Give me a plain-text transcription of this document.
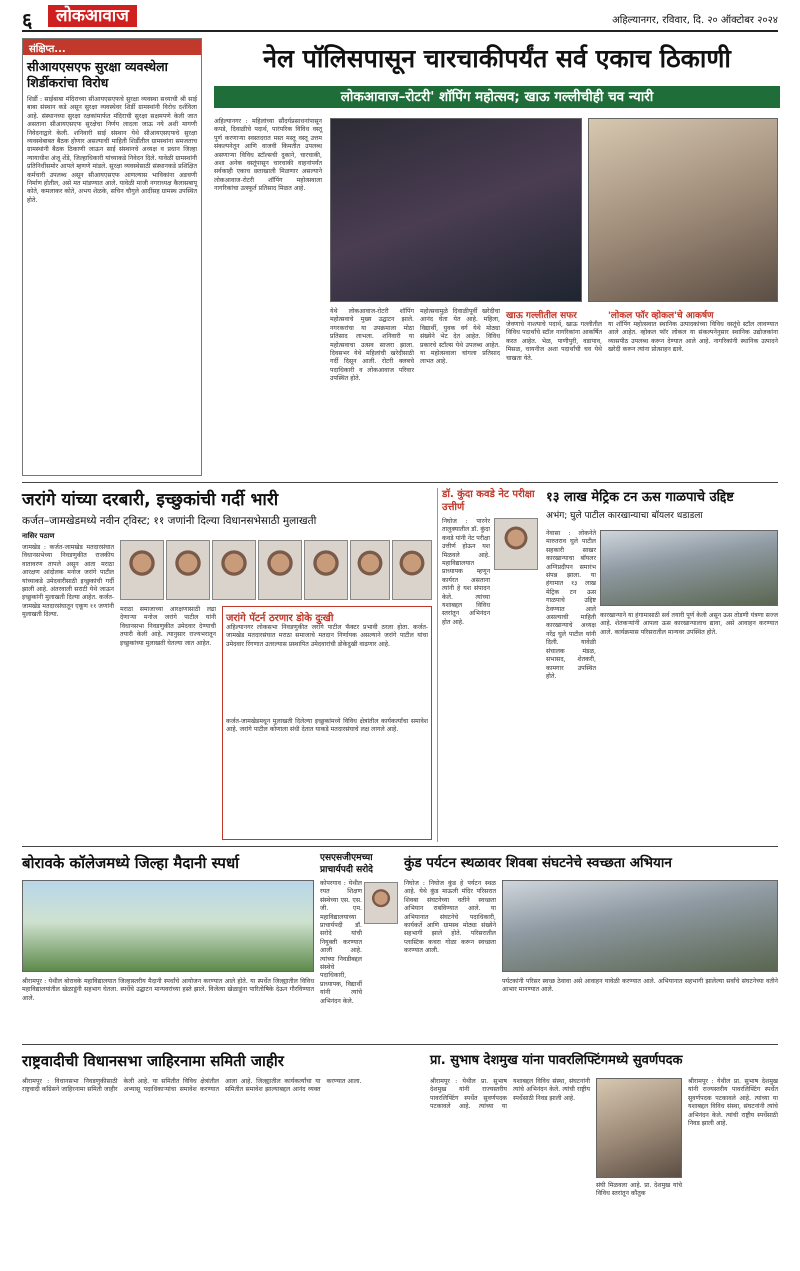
६	लोकआवाज	अहिल्यानगर, रविवार, दि. २० ऑक्टोबर २०२४
संक्षिप्त...
सीआयएसएफ सुरक्षा व्यवस्थेला शिर्डीकरांचा विरोध
शिर्डी : साईबाबा मंदिराच्या सीआयएसएफचे सुरक्षा व्यवस्था सध्याची श्री साई बाबा संस्थान कडे असून सुरक्षा व्यवस्थेवर शिर्डी ग्रामस्थांनी विरोध दर्शविला आहे. संस्थानच्या सुरक्षा रक्षकांमार्फत मंदिराची सुरक्षा सक्षमपणे केली जात असताना सीआयएसएफ सुरक्षेचा निर्णय लादला जाऊ नये अशी मागणी निवेदनाद्वारे केली. शनिवारी साई संस्थान येथे सीआयएसएफचे सुरक्षा व्यवस्थेबाबत बैठक होणार असल्याची माहिती शिर्डीतील ग्रामस्थांना समजताच ग्रामस्थांनी बैठक ठिकाणी जाऊन साई संस्थानचे अध्यक्ष व प्रधान जिल्हा न्यायाधीश अंजू शेंडे, जिल्हाधिकारी यांच्याकडे निवेदन दिले. यावेळी ग्रामस्थांनी प्रतिनिधींसमोर आपले म्हणणे मांडले. सुरक्षा व्यवस्थेसाठी संस्थानकडे प्रशिक्षित कर्मचारी उपलब्ध असून सीआयएसएफ आणल्यास भाविकांना अडचणी निर्माण होतील, असे मत मांडण्यात आले. यावेळी माजी नगराध्यक्ष कैलासबापू कोते, कमलाकर कोते, अभय शेळके, सचिन चौगुले आदींसह ग्रामस्थ उपस्थित होते.
नेल पॉलिसपासून चारचाकीपर्यंत सर्व एकाच ठिकाणी
लोकआवाज–रोटरी' शॉपिंग महोत्सव; खाऊ गल्लीचीही चव न्यारी
अहिल्यानगर : महिलांच्या सौंदर्यप्रसाधनांपासून कपडे, दिवाळीचे पदार्थ, पारंपरिक विविध वस्तू पूर्ण करणाऱ्या स्वस्तदरात मस्त मस्तू वस्तू उत्तम संकल्पनेतून आणि वाजवी किमतीत उपलब्ध असणाऱ्या विविध स्टॉल्सची दुकाने, चारचाकी, अशा अनेक वस्तूंपासून चारचाकी वाहनांपर्यंत सर्वकाही एकाच छताखाली मिळणार असल्याने लोकआवाज-रोटरी शॉपिंग महोत्सवाला नागरिकांचा उत्स्फूर्त प्रतिसाद मिळत आहे.
येथे लोकआवाज-रोटरी शॉपिंग महोत्सवाचे मुख्य उद्घाटन झाले. नगरकरांचा या उपक्रमाला मोठा प्रतिसाद लाभला. शनिवारी या महोत्सवाचा उत्सव साजरा झाला. दिवसभर येथे महिलांची खरेदीसाठी गर्दी दिसून आली. रोटरी क्लबचे पदाधिकारी व लोकआवाज परिवार उपस्थित होते.
महोत्सवामुळे दिवाळीपूर्वी खरेदीचा आनंद घेता येत आहे. महिला, विद्यार्थी, युवक वर्ग येथे मोठ्या संख्येने भेट देत आहेत. विविध प्रकारचे स्टॉल्स येथे उपलब्ध आहेत. या महोत्सवाला चांगला प्रतिसाद लाभत आहे.
खाऊ गल्लीतील सफर
जेवणाचे नाश्त्याचे पदार्थ, खाऊ गल्लीतील विविध पदार्थांचे स्टॉल नागरिकांना आकर्षित करत आहेत. भेळ, पाणीपुरी, वडापाव, मिसळ, चायनीज अशा पदार्थांची चव येथे चाखता येते.
'लोकल फॉर व्होकल'चे आकर्षण
या शॉपिंग महोत्सवात स्थानिक उत्पादकांच्या विविध वस्तूंचे स्टॉल लावण्यात आले आहेत. व्होकल फॉर लोकल या संकल्पनेनुसार स्थानिक उद्योजकांना व्यासपीठ उपलब्ध करून देण्यात आले आहे. नागरिकांनी स्थानिक उत्पादने खरेदी करून त्यांना प्रोत्साहन द्यावे.
जरांगे यांच्या दरबारी, इच्छुकांची गर्दी भारी
कर्जत–जामखेडमध्ये नवीन ट्विस्ट; ११ जणांनी दिल्या विधानसभेसाठी मुलाखती
नासिर पठाण
जामखेड : कर्जत-जामखेड मतदारसंघात विधानसभेच्या निवडणुकीत राजकीय वातावरण तापले असून आता मराठा आरक्षण आंदोलक मनोज जरांगे पाटील यांच्याकडे उमेदवारीसाठी इच्छुकांची गर्दी झाली आहे. अंतरवाली सराटी येथे जाऊन इच्छुकांनी मुलाखती दिल्या आहेत. कर्जत-जामखेड मतदारसंघातून एकूण ११ जणांनी मुलाखती दिल्या.
मराठा समाजाच्या आरक्षणासाठी लढा देणाऱ्या मनोज जरांगे पाटील यांनी विधानसभा निवडणुकीत उमेदवार देण्याची तयारी केली आहे. त्यानुसार राज्यभरातून इच्छुकांच्या मुलाखती घेतल्या जात आहेत.
जरांगे पॅटर्न ठरणार डोके दुःखी
अहिल्यानगर लोकसभा निवडणुकीत जरांगे पाटील फॅक्टर प्रभावी ठरला होता. कर्जत-जामखेड मतदारसंघात मराठा समाजाचे मतदान निर्णायक असल्याने जरांगे पाटील यांचा उमेदवार रिंगणात उतरल्यास प्रस्थापित उमेदवारांची डोकेदुखी वाढणार आहे.
कर्जत-जामखेडमधून मुलाखती दिलेल्या इच्छुकांमध्ये विविध क्षेत्रांतील कार्यकर्त्यांचा समावेश आहे. जरांगे पाटील कोणाला संधी देतात याकडे मतदारसंघाचे लक्ष लागले आहे.
डॉ. कुंदा कवडे नेट परीक्षा उत्तीर्ण
निघोज : पारनेर तालुक्यातील डॉ. कुंदा कवडे यांनी नेट परीक्षा उत्तीर्ण होऊन यश मिळवले आहे. महाविद्यालयात प्राध्यापक म्हणून कार्यरत असताना त्यांनी हे यश संपादन केले. त्यांच्या यशाबद्दल विविध स्तरांतून अभिनंदन होत आहे.
१३ लाख मेट्रिक टन ऊस गाळपाचे उद्दिष्ट
अभंग; घुले पाटील कारखान्याचा बॉयलर धडाडला
नेवासा : लोकनेते मारुतराव घुले पाटील सहकारी साखर कारखान्याचा बॉयलर अग्निप्रदीपन समारंभ संपन्न झाला. या हंगामात १३ लाख मेट्रिक टन ऊस गाळपाचे उद्दिष्ट ठेवण्यात आले असल्याची माहिती कारखान्याचे अध्यक्ष नरेंद्र घुले पाटील यांनी दिली. यावेळी संचालक मंडळ, सभासद, शेतकरी, कामगार उपस्थित होते.
कारखान्याने या हंगामासाठी सर्व तयारी पूर्ण केली असून ऊस तोडणी यंत्रणा सज्ज आहे. शेतकऱ्यांनी आपला ऊस कारखान्यालाच द्यावा, असे आवाहन करण्यात आले. कार्यक्रमास परिसरातील मान्यवर उपस्थित होते.
बोरावके कॉलेजमध्ये जिल्हा मैदानी स्पर्धा
श्रीरामपूर : येथील बोरावके महाविद्यालयात जिल्हास्तरीय मैदानी स्पर्धांचे आयोजन करण्यात आले होते. या स्पर्धेत जिल्ह्यातील विविध महाविद्यालयांतील खेळाडूंनी सहभाग घेतला. स्पर्धेचे उद्घाटन मान्यवरांच्या हस्ते झाले. विजेत्या खेळाडूंना पारितोषिके देऊन गौरविण्यात आले.
एसएसजीएमच्या प्राचार्यपदी सरोदे
कोपरगाव : येथील रयत शिक्षण संस्थेच्या एस. एस. जी. एम. महाविद्यालयाच्या प्राचार्यपदी डॉ. सरोदे यांची नियुक्ती करण्यात आली आहे. त्यांच्या निवडीबद्दल संस्थेचे पदाधिकारी, प्राध्यापक, विद्यार्थी यांनी त्यांचे अभिनंदन केले.
कुंड पर्यटन स्थळावर शिवबा संघटनेचे स्वच्छता अभियान
निघोज : निघोज कुंड हे पर्यटन स्थळ आहे. येथे कुंड माऊली मंदिर परिसरात शिवबा संघटनेच्या वतीने स्वच्छता अभियान राबविण्यात आले. या अभियानात संघटनेचे पदाधिकारी, कार्यकर्ते आणि ग्रामस्थ मोठ्या संख्येने सहभागी झाले होते. परिसरातील प्लास्टिक कचरा गोळा करून स्वच्छता करण्यात आली.
पर्यटकांनी परिसर स्वच्छ ठेवावा असे आवाहन यावेळी करण्यात आले. अभियानात सहभागी झालेल्या सर्वांचे संघटनेच्या वतीने आभार मानण्यात आले.
राष्ट्रवादीची विधानसभा जाहिरनामा समिती जाहीर
श्रीरामपूर : विधानसभा निवडणुकीसाठी राष्ट्रवादी काँग्रेसने जाहिरनामा समिती जाहीर केली आहे. या समितीत विविध क्षेत्रांतील अभ्यासू पदाधिकाऱ्यांचा समावेश करण्यात आला आहे. जिल्ह्यातील कार्यकर्त्यांचा या समितीत समावेश झाल्याबद्दल आनंद व्यक्त करण्यात आला.
प्रा. सुभाष देशमुख यांना पावरलिफ्टिंगमध्ये सुवर्णपदक
श्रीरामपूर : येथील प्रा. सुभाष देशमुख यांनी राज्यस्तरीय पावरलिफ्टिंग स्पर्धेत सुवर्णपदक पटकावले आहे. त्यांच्या या यशाबद्दल विविध संस्था, संघटनांनी त्यांचे अभिनंदन केले. त्यांची राष्ट्रीय स्पर्धेसाठी निवड झाली आहे.
संघी मिळवला आहे. प्रा. देशमुख यांचे विविध स्तरांतून कौतुक
श्रीरामपूर : येथील प्रा. सुभाष देशमुख यांनी राज्यस्तरीय पावरलिफ्टिंग स्पर्धेत सुवर्णपदक पटकावले आहे. त्यांच्या या यशाबद्दल विविध संस्था, संघटनांनी त्यांचे अभिनंदन केले. त्यांची राष्ट्रीय स्पर्धेसाठी निवड झाली आहे.
